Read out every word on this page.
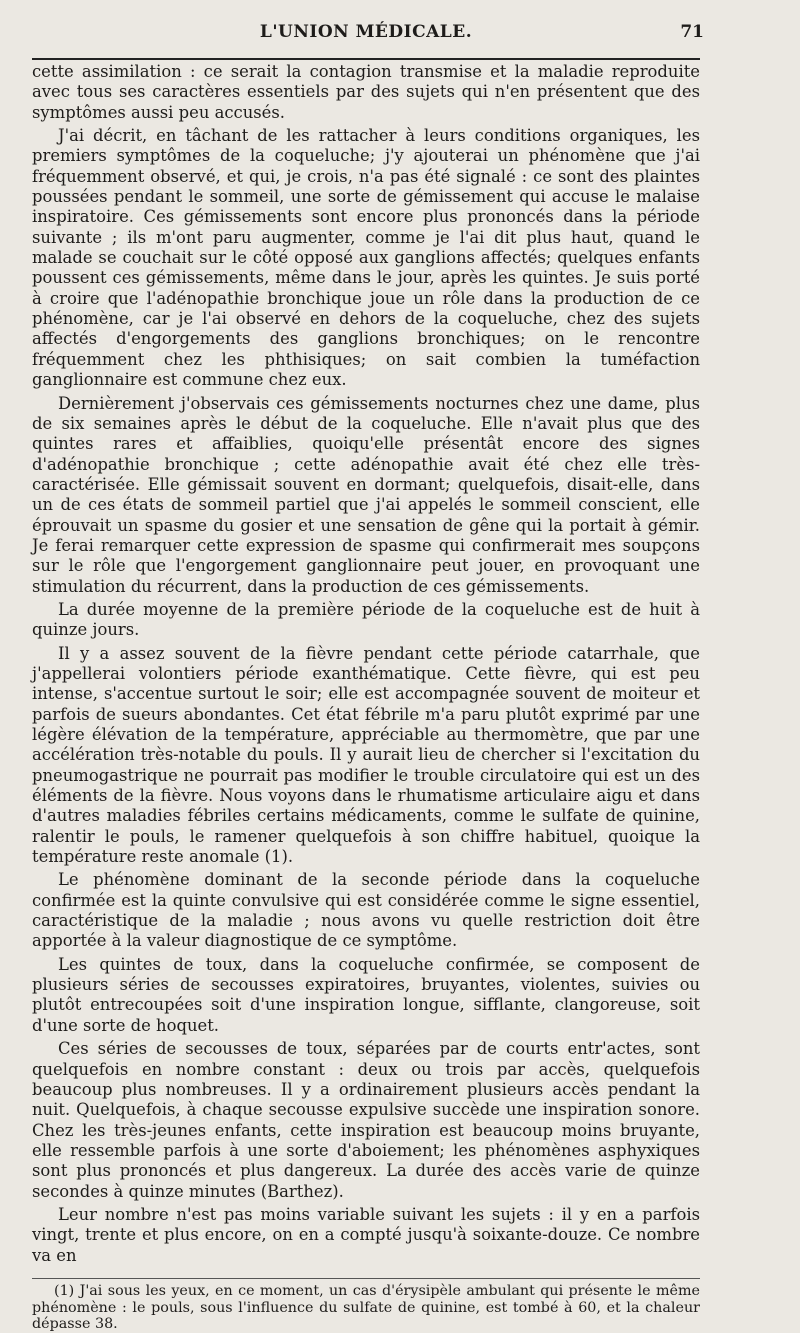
L'UNION MÉDICALE.	71

cette assimilation : ce serait la contagion transmise et la maladie reproduite avec tous ses caractères essentiels par des sujets qui n'en présentent que des symptômes aussi peu accusés.

J'ai décrit, en tâchant de les rattacher à leurs conditions organiques, les premiers symptômes de la coqueluche; j'y ajouterai un phénomène que j'ai fréquemment observé, et qui, je crois, n'a pas été signalé : ce sont des plaintes poussées pendant le sommeil, une sorte de gémissement qui accuse le malaise inspiratoire. Ces gémissements sont encore plus prononcés dans la période suivante ; ils m'ont paru augmenter, comme je l'ai dit plus haut, quand le malade se couchait sur le côté opposé aux ganglions affectés; quelques enfants poussent ces gémissements, même dans le jour, après les quintes. Je suis porté à croire que l'adénopathie bronchique joue un rôle dans la production de ce phénomène, car je l'ai observé en dehors de la coqueluche, chez des sujets affectés d'engorgements des ganglions bronchiques; on le rencontre fréquemment chez les phthisiques; on sait combien la tuméfaction ganglionnaire est commune chez eux.

Dernièrement j'observais ces gémissements nocturnes chez une dame, plus de six semaines après le début de la coqueluche. Elle n'avait plus que des quintes rares et affaiblies, quoiqu'elle présentât encore des signes d'adénopathie bronchique ; cette adénopathie avait été chez elle très-caractérisée. Elle gémissait souvent en dormant; quelquefois, disait-elle, dans un de ces états de sommeil partiel que j'ai appelés le sommeil conscient, elle éprouvait un spasme du gosier et une sensation de gêne qui la portait à gémir. Je ferai remarquer cette expression de spasme qui confirmerait mes soupçons sur le rôle que l'engorgement ganglionnaire peut jouer, en provoquant une stimulation du récurrent, dans la production de ces gémissements.

La durée moyenne de la première période de la coqueluche est de huit à quinze jours.

Il y a assez souvent de la fièvre pendant cette période catarrhale, que j'appellerai volontiers période exanthématique. Cette fièvre, qui est peu intense, s'accentue surtout le soir; elle est accompagnée souvent de moiteur et parfois de sueurs abondantes. Cet état fébrile m'a paru plutôt exprimé par une légère élévation de la température, appréciable au thermomètre, que par une accélération très-notable du pouls. Il y aurait lieu de chercher si l'excitation du pneumogastrique ne pourrait pas modifier le trouble circulatoire qui est un des éléments de la fièvre. Nous voyons dans le rhumatisme articulaire aigu et dans d'autres maladies fébriles certains médicaments, comme le sulfate de quinine, ralentir le pouls, le ramener quelquefois à son chiffre habituel, quoique la température reste anomale (1).

Le phénomène dominant de la seconde période dans la coqueluche confirmée est la quinte convulsive qui est considérée comme le signe essentiel, caractéristique de la maladie ; nous avons vu quelle restriction doit être apportée à la valeur diagnostique de ce symptôme.

Les quintes de toux, dans la coqueluche confirmée, se composent de plusieurs séries de secousses expiratoires, bruyantes, violentes, suivies ou plutôt entrecoupées soit d'une inspiration longue, sifflante, clangoreuse, soit d'une sorte de hoquet.

Ces séries de secousses de toux, séparées par de courts entr'actes, sont quelquefois en nombre constant : deux ou trois par accès, quelquefois beaucoup plus nombreuses. Il y a ordinairement plusieurs accès pendant la nuit. Quelquefois, à chaque secousse expulsive succède une inspiration sonore. Chez les très-jeunes enfants, cette inspiration est beaucoup moins bruyante, elle ressemble parfois à une sorte d'aboiement; les phénomènes asphyxiques sont plus prononcés et plus dangereux. La durée des accès varie de quinze secondes à quinze minutes (Barthez).

Leur nombre n'est pas moins variable suivant les sujets : il y en a parfois vingt, trente et plus encore, on en a compté jusqu'à soixante-douze. Ce nombre va en

(1) J'ai sous les yeux, en ce moment, un cas d'érysipèle ambulant qui présente le même phénomène : le pouls, sous l'influence du sulfate de quinine, est tombé à 60, et la chaleur dépasse 38.
